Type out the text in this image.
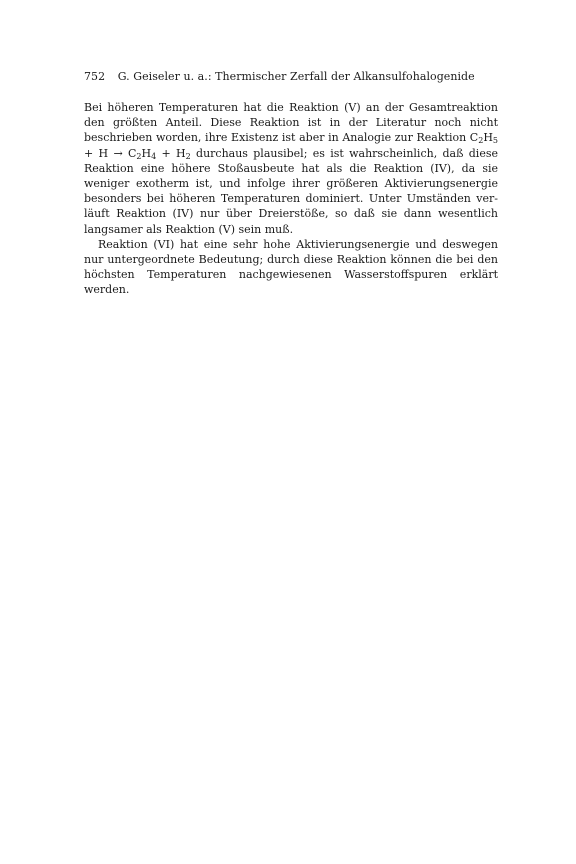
752 G. Geiseler u. a.: Thermischer Zerfall der Alkansulfohalogenide

Bei höheren Temperaturen hat die Reaktion (V) an der Gesamtreaktion den größten Anteil. Diese Reaktion ist in der Literatur noch nicht beschrieben worden, ihre Existenz ist aber in Analogie zur Reaktion $C_2H_5 + H \to C_2H_4 + H_2$ durchaus plausibel; es ist wahrscheinlich, daß diese Reaktion eine höhere Stoßausbeute hat als die Reaktion (IV), da sie weniger exotherm ist, und infolge ihrer größeren Aktivierungsenergie besonders bei höheren Temperaturen dominiert. Unter Umständen verläuft Reaktion (IV) nur über Dreierstöße, so daß sie dann wesentlich langsamer als Reaktion (V) sein muß.

Reaktion (VI) hat eine sehr hohe Aktivierungsenergie und deswegen nur untergeordnete Bedeutung; durch diese Reaktion können die bei den höchsten Temperaturen nachgewiesenen Wasserstoffspuren erklärt werden.
